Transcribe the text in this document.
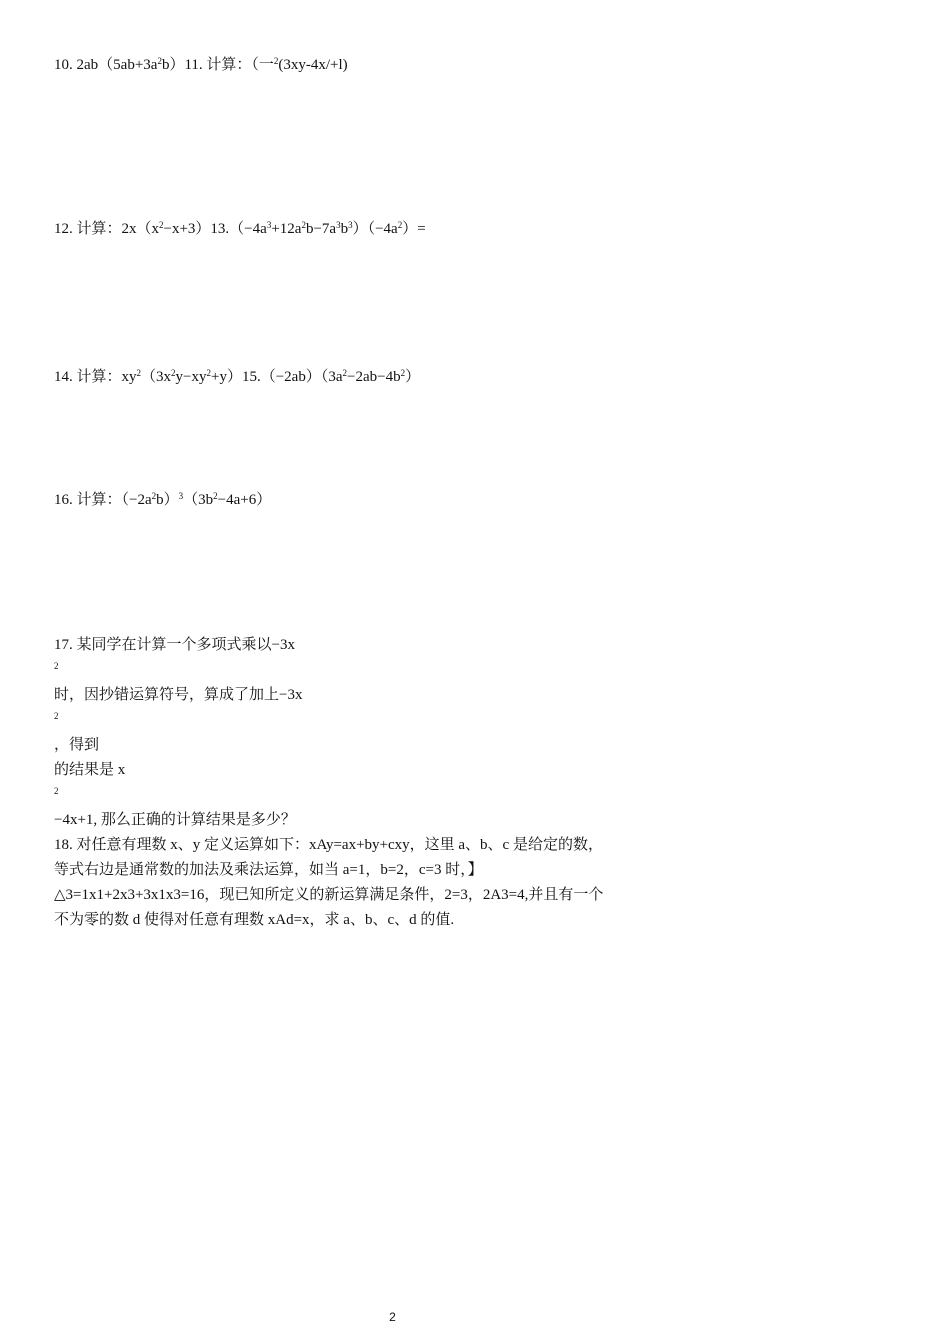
10. $2ab(5ab+3a^2b)11$. 计算：（一$^2$(3xy-4x/+l)
12. 计算：$2x(x^2-x+3)13.(-4a^3+12a^2b-7a^3b^3)(-4a^2)=$
14. 计算：$xy^2(3x^2y-xy^2+y)15.(-2ab)(3a^2-2ab-4b^2)$
16. 计算：$(-2a^2b)^3(3b^2-4a+6)$
17. 某同学在计算一个多项式乘以−3x
$^2$
时，因抄错运算符号，算成了加上−3x
$^2$
，得到
的结果是 x
$^2$
−4x+1, 那么正确的计算结果是多少？
18. 对任意有理数 x、y 定义运算如下：xAy=ax+by+cxy，这里 a、b、c 是给定的数，
等式右边是通常数的加法及乘法运算，如当 a=1，b=2，c=3 时，】
△3=1x1+2x3+3x1x3=16，现已知所定义的新运算满足条件，2=3，2A3=4,并且有一个
不为零的数 d 使得对任意有理数 xAd=x，求 a、b、c、d 的值.
2
